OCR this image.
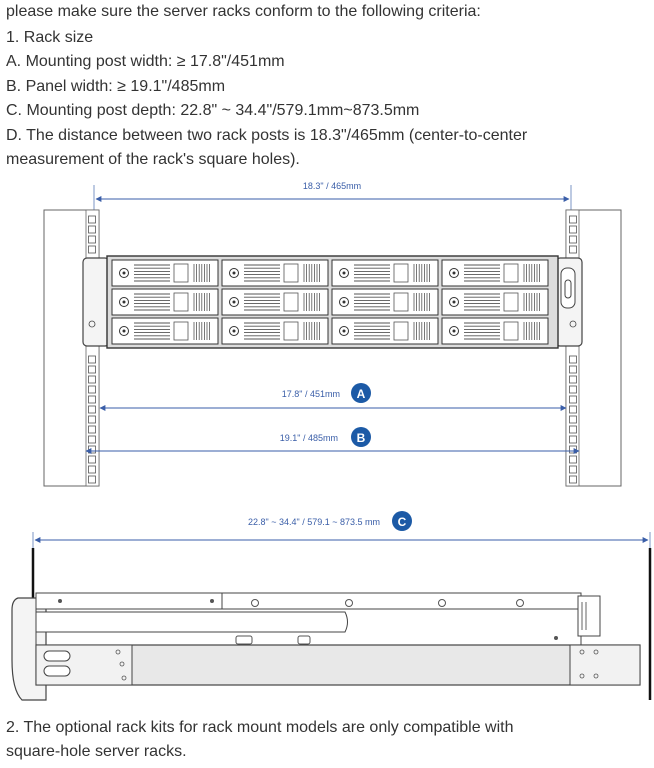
please make sure the server racks conform to the following criteria:
1. Rack size
A. Mounting post width: ≥ 17.8"/451mm
B. Panel width: ≥ 19.1"/485mm
C. Mounting post depth: 22.8" ~ 34.4"/579.1mm~873.5mm
D. The distance between two rack posts is 18.3"/465mm (center-to-center
measurement of the rack's square holes).
18.3" / 465mm
17.8" / 451mm A
19.1" / 485mm B
22.8" ~ 34.4" / 579.1 ~ 873.5 mm C
2. The optional rack kits for rack mount models are only compatible with
square-hole server racks.
